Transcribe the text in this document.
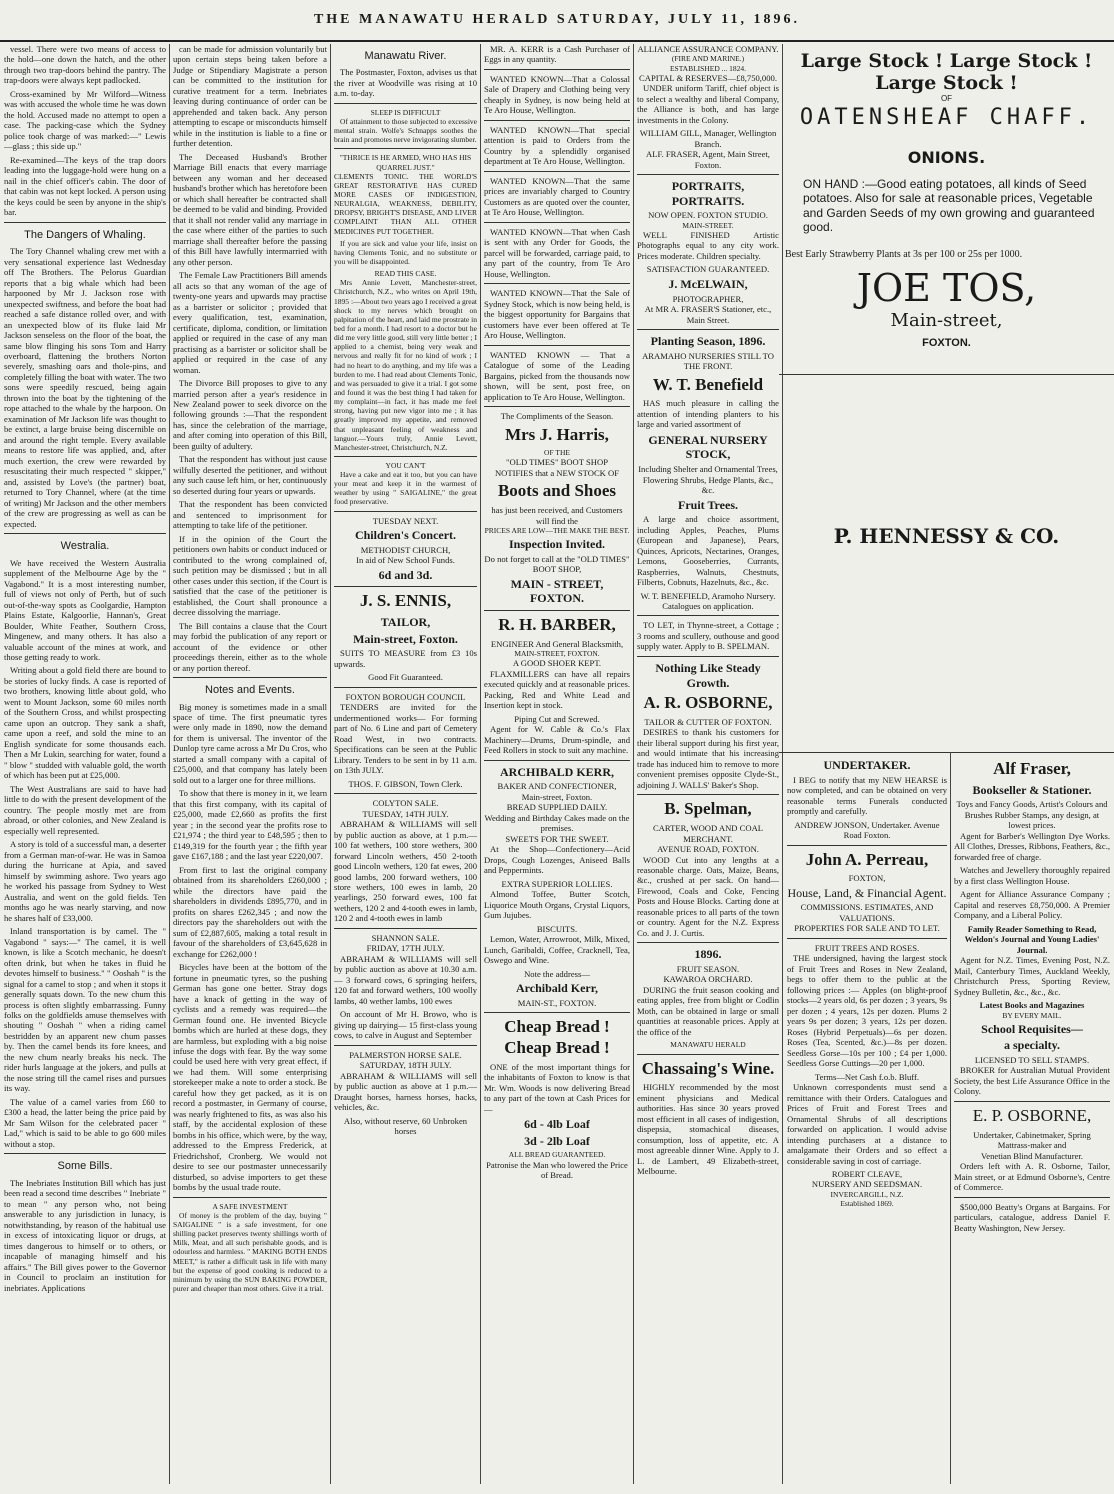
THE MANAWATU HERALD SATURDAY, JULY 11, 1896.

vessel. There were two means of access to the hold—one down the hatch, and the other through two trap-doors behind the pantry. The trap-doors were always kept padlocked.

Cross-examined by Mr Wilford—Witness was with accused the whole time he was down the hold. Accused made no attempt to open a case. The packing-case which the Sydney police took charge of was marked:—" Lewis—glass ; this side up."

Re-examined—The keys of the trap doors leading into the luggage-hold were hung on a nail in the chief officer's cabin. The door of that cabin was not kept locked. A person using the keys could be seen by anyone in the ship's bar.

The Dangers of Whaling.

The Tory Channel whaling crew met with a very sensational experience last Wednesday off The Brothers. The Pelorus Guardian reports that a big whale which had been harpooned by Mr J. Jackson rose with unexpected swiftness, and before the boat had reached a safe distance rolled over, and with an unexpected blow of its fluke laid Mr Jackson senseless on the floor of the boat, the same blow flinging his sons Tom and Harry overboard, flattening the brothers Norton severely, smashing oars and thole-pins, and completely filling the boat with water. The two sons were speedily rescued, being again thrown into the boat by the tightening of the rope attached to the whale by the harpoon. On examination of Mr Jackson life was thought to be extinct, a large bruise being discernible on and around the right temple. Every available means to restore life was applied, and, after much exertion, the crew were rewarded by resuscitating their much respected " skipper," and, assisted by Love's (the partner) boat, returned to Tory Channel, where (at the time of writing) Mr Jackson and the other members of the crew are progressing as well as can be expected.

Westralia.

We have received the Western Australia supplement of the Melbourne Age by the " Vagabond." It is a most interesting number, full of views not only of Perth, but of such out-of-the-way spots as Coolgardie, Hampton Plains Estate, Kalgoorlie, Hannan's, Great Boulder, White Feather, Southern Cross, Mingenew, and many others. It has also a valuable account of the mines at work, and those getting ready to work.

Writing about a gold field there are bound to be stories of lucky finds. A case is reported of two brothers, knowing little about gold, who went to Mount Jackson, some 60 miles north of the Southern Cross, and whilst prospecting came upon an outcrop. They sank a shaft, came upon a reef, and sold the mine to an English syndicate for some thousands each. Then a Mr Lukin, searching for water, found a " blow " studded with valuable gold, the worth of which has been put at £25,000.

The West Australians are said to have had little to do with the present development of the country. The people mostly met are from abroad, or other colonies, and New Zealand is especially well represented.

A story is told of a successful man, a deserter from a German man-of-war. He was in Samoa during the hurricane at Apia, and saved himself by swimming ashore. Two years ago he worked his passage from Sydney to West Australia, and went on the gold fields. Ten months ago he was nearly starving, and now he shares half of £33,000.

Inland transportation is by camel. The " Vagabond " says:—" The camel, it is well known, is like a Scotch mechanic, he doesn't often drink, but when he takes in fluid he devotes himself to business." " Ooshah " is the signal for a camel to stop ; and when it stops it generally squats down. To the new chum this process is often slightly embarrassing. Funny folks on the goldfields amuse themselves with shouting " Ooshah " when a riding camel bestridden by an apparent new chum passes by. Then the camel bends its fore knees, and the new chum nearly breaks his neck. The rider hurls language at the jokers, and pulls at the nose string till the camel rises and pursues its way.

The value of a camel varies from £60 to £300 a head, the latter being the price paid by Mr Sam Wilson for the celebrated pacer " Lad," which is said to be able to go 600 miles without a stop.

Some Bills.

The Inebriates Institution Bill which has just been read a second time describes " Inebriate " to mean " any person who, not being answerable to any jurisdiction in lunacy, is notwithstanding, by reason of the habitual use in excess of intoxicating liquor or drugs, at times dangerous to himself or to others, or incapable of managing himself and his affairs." The Bill gives power to the Governor in Council to proclaim an institution for inebriates. Applications

can be made for admission voluntarily but upon certain steps being taken before a Judge or Stipendiary Magistrate a person can be committed to the institution for curative treatment for a term. Inebriates leaving during continuance of order can be apprehended and taken back. Any person attempting to escape or misconducts himself while in the institution is liable to a fine or further detention.

The Deceased Husband's Brother Marriage Bill enacts that every marriage between any woman and her deceased husband's brother which has heretofore been or which shall hereafter be contracted shall be deemed to be valid and binding. Provided that it shall not render valid any marriage in the case where either of the parties to such marriage shall thereafter before the passing of this Bill have lawfully intermarried with any other person.

The Female Law Practitioners Bill amends all acts so that any woman of the age of twenty-one years and upwards may practise as a barrister or solicitor ; provided that every qualification, test, examination, certificate, diploma, condition, or limitation applied or required in the case of any man practising as a barrister or solicitor shall be applied or required in the case of any woman.

The Divorce Bill proposes to give to any married person after a year's residence in New Zealand power to seek divorce on the following grounds :—That the respondent has, since the celebration of the marriage, and after coming into operation of this Bill, been guilty of adultery.

That the respondent has without just cause wilfully deserted the petitioner, and without any such cause left him, or her, continuously so deserted during four years or upwards.

That the respondent has been convicted and sentenced to imprisonment for attempting to take life of the petitioner.

If in the opinion of the Court the petitioners own habits or conduct induced or contributed to the wrong complained of, such petition may be dismissed ; but in all other cases under this section, if the Court is satisfied that the case of the petitioner is established, the Court shall pronounce a decree dissolving the marriage.

The Bill contains a clause that the Court may forbid the publication of any report or account of the evidence or other proceedings therein, either as to the whole or any portion thereof.

Notes and Events.

Big money is sometimes made in a small space of time. The first pneumatic tyres were only made in 1890, now the demand for them is universal. The inventor of the Dunlop tyre came across a Mr Du Cros, who started a small company with a capital of £25,000, and that company has lately been sold out to a larger one for three millions.

To show that there is money in it, we learn that this first company, with its capital of £25,000, made £2,660 as profits the first year ; in the second year the profits rose to £21,974 ; the third year to £48,595 ; then to £149,319 for the fourth year ; the fifth year gave £167,188 ; and the last year £220,007.

From first to last the original company obtained from its shareholders £260,000 ; while the directors have paid the shareholders in dividends £895,770, and in profits on shares £262,345 ; and now the directors pay the shareholders out with the sum of £2,887,605, making a total result in favour of the shareholders of £3,645,628 in exchange for £262,000 !

Bicycles have been at the bottom of the fortune in pneumatic tyres, so the pushing German has gone one better. Stray dogs have a knack of getting in the way of cyclists and a remedy was required—the German found one. He invented Bicycle bombs which are hurled at these dogs, they are harmless, but exploding with a big noise infuse the dogs with fear. By the way some could be used here with very great effect, if we had them. Will some enterprising storekeeper make a note to order a stock. Be careful how they get packed, as it is on record a postmaster, in Germany of course, was nearly frightened to fits, as was also his staff, by the accidental explosion of these bombs in his office, which were, by the way, addressed to the Empress Frederick, at Friedrichshof, Cronberg. We would not desire to see our postmaster unnecessarily disturbed, so advise importers to get these bombs by the usual trade route.

A SAFE INVESTMENT

Of money is the problem of the day, buying " SAIGALINE " is a safe investment, for one shilling packet preserves twenty shillings worth of Milk, Meat, and all such perishable goods, and is odourless and harmless. " MAKING BOTH ENDS MEET," is rather a difficult task in life with many but the expense of good cooking is reduced to a minimum by using the SUN BAKING POWDER, purer and cheaper than most others. Give it a trial.

Manawatu River.

The Postmaster, Foxton, advises us that the river at Woodville was rising at 10 a.m. to-day.

SLEEP IS DIFFICULT

Of attainment to those subjected to excessive mental strain. Wolfe's Schnapps soothes the brain and promotes nerve invigorating slumber.

"THRICE IS HE ARMED, WHO HAS HIS QUARREL JUST."

CLEMENTS TONIC. THE WORLD'S GREAT RESTORATIVE HAS CURED MORE CASES OF INDIGESTION, NEURALGIA, WEAKNESS, DEBILITY, DROPSY, BRIGHT'S DISEASE, AND LIVER COMPLAINT THAN ALL OTHER MEDICINES PUT TOGETHER.

If you are sick and value your life, insist on having Clements Tonic, and no substitute or you will be disappointed.

READ THIS CASE.

Mrs Annie Levett, Manchester-street, Christchurch, N.Z., who writes on April 19th, 1895 :—About two years ago I received a great shock to my nerves which brought on palpitation of the heart, and laid me prostrate in bed for a month. I had resort to a doctor but he did me very little good, still very little better ; I applied to a chemist, being very weak and nervous and really fit for no kind of work ; I had no heart to do anything, and my life was a burden to me. I had read about Clements Tonic, and was persuaded to give it a trial. I got some and found it was the best thing I had taken for my complaint—in fact, it has made me feel strong, having put new vigor into me ; it has greatly improved my appetite, and removed that unpleasant feeling of weakness and languor.—Yours truly, Annie Levett, Manchester-street, Christchurch, N.Z.

YOU CAN'T

Have a cake and eat it too, but you can have your meat and keep it in the warmest of weather by using " SAIGALINE," the great food preservative.

TUESDAY NEXT.
Children's Concert.
METHODIST CHURCH,
In aid of New School Funds.
6d and 3d.
J. S. ENNIS,
TAILOR,
Main-street, Foxton.

SUITS TO MEASURE from £3 10s upwards.

Good Fit Guaranteed.
FOXTON BOROUGH COUNCIL

TENDERS are invited for the undermentioned works— For forming part of No. 6 Line and part of Cemetery Road West, in two contracts. Specifications can be seen at the Public Library. Tenders to be sent in by 11 a.m. on 13th JULY.

THOS. F. GIBSON, Town Clerk.
COLYTON SALE.
TUESDAY, 14TH JULY.

ABRAHAM & WILLIAMS will sell by public auction as above, at 1 p.m.— 100 fat wethers, 100 store wethers, 300 forward Lincoln wethers, 450 2-tooth good Lincoln wethers, 120 fat ewes, 200 good lambs, 200 forward wethers, 100 store wethers, 100 ewes in lamb, 20 yearlings, 250 forward ewes, 100 fat wethers, 120 2 and 4-tooth ewes in lamb, 120 2 and 4-tooth ewes in lamb

SHANNON SALE.
FRIDAY, 17TH JULY.

ABRAHAM & WILLIAMS will sell by public auction as above at 10.30 a.m.— 3 forward cows, 6 springing heifers, 120 fat and forward wethers, 100 woolly lambs, 40 wether lambs, 100 ewes

On account of Mr H. Browo, who is giving up dairying— 15 first-class young cows, to calve in August and September

PALMERSTON HORSE SALE.
SATURDAY, 18TH JULY.

ABRAHAM & WILLIAMS will sell by public auction as above at 1 p.m.— Draught horses, harness horses, hacks, vehicles, &c.

Also, without reserve, 60 Unbroken horses

MR. A. KERR is a Cash Purchaser of Eggs in any quantity.

WANTED KNOWN—That a Colossal Sale of Drapery and Clothing being very cheaply in Sydney, is now being held at Te Aro House, Wellington.

WANTED KNOWN—That special attention is paid to Orders from the Country by a splendidly organised department at Te Aro House, Wellington.

WANTED KNOWN—That the same prices are invariably charged to Country Customers as are quoted over the counter, at Te Aro House, Wellington.

WANTED KNOWN—That when Cash is sent with any Order for Goods, the parcel will be forwarded, carriage paid, to any part of the country, from Te Aro House, Wellington.

WANTED KNOWN—That the Sale of Sydney Stock, which is now being held, is the biggest opportunity for Bargains that customers have ever been offered at Te Aro House, Wellington.

WANTED KNOWN — That a Catalogue of some of the Leading Bargains, picked from the thousands now shown, will be sent, post free, on application to Te Aro House, Wellington.

The Compliments of the Season.
Mrs J. Harris,
OF THE
"OLD TIMES" BOOT SHOP
NOTIFIES that a NEW STOCK OF
Boots and Shoes
has just been received, and Customers will find the
PRICES ARE LOW—THE MAKE THE BEST.
Inspection Invited.
Do not forget to call at the "OLD TIMES" BOOT SHOP,
MAIN - STREET, FOXTON.
R. H. BARBER,
ENGINEER And General Blacksmith,
MAIN-STREET, FOXTON.
A GOOD SHOER KEPT.

FLAXMILLERS can have all repairs executed quickly and at reasonable prices. Packing, Red and White Lead and Insertion kept in stock.

Piping Cut and Screwed.

Agent for W. Cable & Co.'s Flax Machinery—Drums, Drum-spindle, and Feed Rollers in stock to suit any machine.

ARCHIBALD KERR,
BAKER AND CONFECTIONER,
Main-street, Foxton.
BREAD SUPPLIED DAILY.
Wedding and Birthday Cakes made on the premises.
SWEETS FOR THE SWEET.

At the Shop—Confectionery—Acid Drops, Cough Lozenges, Aniseed Balls and Peppermints.

EXTRA SUPERIOR LOLLIES.

Almond Toffee, Butter Scotch, Liquorice Mouth Organs, Crystal Liquors, Gum Jujubes.

BISCUITS.

Lemon, Water, Arrowroot, Milk, Mixed, Lunch, Garibaldi, Coffee, Cracknell, Tea, Oswego and Wine.

Note the address—
Archibald Kerr,
MAIN-ST., FOXTON.
Cheap Bread ! Cheap Bread !

ONE of the most important things for the inhabitants of Foxton to know is that Mr. Wm. Woods is now delivering Bread to any part of the town at Cash Prices for—

6d - 4lb Loaf
3d - 2lb Loaf
ALL BREAD GUARANTEED.
Patronise the Man who lowered the Price of Bread.
ALLIANCE ASSURANCE COMPANY.
(FIRE AND MARINE.)
ESTABLISHED ... 1824.
CAPITAL & RESERVES—£8,750,000.

UNDER uniform Tariff, chief object is to select a wealthy and liberal Company, the Alliance is both, and has large investments in the Colony.

WILLIAM GILL, Manager, Wellington Branch.
ALF. FRASER, Agent, Main Street, Foxton.
PORTRAITS, PORTRAITS.
NOW OPEN. FOXTON STUDIO.
MAIN-STREET.

WELL FINISHED Artistic Photographs equal to any city work. Prices moderate. Children specialty.

SATISFACTION GUARANTEED.
J. McELWAIN,
PHOTOGRAPHER,
At MR A. FRASER'S Stationer, etc., Main Street.
Planting Season, 1896.
ARAMAHO NURSERIES STILL TO THE FRONT.
W. T. Benefield

HAS much pleasure in calling the attention of intending planters to his large and varied assortment of

GENERAL NURSERY STOCK,
Including Shelter and Ornamental Trees, Flowering Shrubs, Hedge Plants, &c., &c.
Fruit Trees.

A large and choice assortment, including Apples, Peaches, Plums (European and Japanese), Pears, Quinces, Apricots, Nectarines, Oranges, Lemons, Gooseberries, Currants, Raspberries, Walnuts, Chestnuts, Filberts, Cobnuts, Hazelnuts, &c., &c.

W. T. BENEFIELD, Aramoho Nursery.
Catalogues on application.

TO LET, in Thynne-street, a Cottage ; 3 rooms and scullery, outhouse and good supply water. Apply to B. SPELMAN.

Nothing Like Steady Growth.
A. R. OSBORNE,
TAILOR & CUTTER OF FOXTON.

DESIRES to thank his customers for their liberal support during his first year, and would intimate that his increasing trade has induced him to remove to more convenient premises opposite Clyde-St., adjoining J. WALLS' Baker's Shop.

B. Spelman,
CARTER, WOOD AND COAL MERCHANT.
AVENUE ROAD, FOXTON.

WOOD Cut into any lengths at a reasonable charge. Oats, Maize, Beans, &c., crushed at per sack. On hand—Firewood, Coals and Coke, Fencing Posts and House Blocks. Carting done at reasonable prices to all parts of the town or country. Agent for the N.Z. Express Co. and J. J. Curtis.

1896.
FRUIT SEASON.
KAWAROA ORCHARD.

DURING the fruit season cooking and eating apples, free from blight or Codlin Moth, can be obtained in large or small quantities at reasonable prices. Apply at the office of the

MANAWATU HERALD
Chassaing's Wine.

HIGHLY recommended by the most eminent physicians and Medical authorities. Has since 30 years proved most efficient in all cases of indigestion, dispepsia, stomachical diseases, consumption, loss of appetite, etc. A most agreeable dinner Wine. Apply to J. L. de Lambert, 49 Elizabeth-street, Melbourne.

Large Stock ! Large Stock !
Large Stock !
OF
OATENSHEAF CHAFF.
ONIONS.
ON HAND :—Good eating potatoes, all kinds of Seed potatoes. Also for sale at reasonable prices, Vegetable and Garden Seeds of my own growing and guaranteed good.
Best Early Strawberry Plants at 3s per 100 or 25s per 1000.
JOE TOS,
Main-street,
FOXTON.
P. HENNESSY & CO.
UNDERTAKER.

I BEG to notify that my NEW HEARSE is now completed, and can be obtained on very reasonable terms Funerals conducted promptly and carefully.

ANDREW JONSON, Undertaker. Avenue Road Foxton.
John A. Perreau,
FOXTON,
House, Land, & Financial Agent.
COMMISSIONS. ESTIMATES, AND VALUATIONS.
PROPERTIES FOR SALE AND TO LET.
FRUIT TREES AND ROSES.

THE undersigned, having the largest stock of Fruit Trees and Roses in New Zealand, begs to offer them to the public at the following prices :— Apples (on blight-proof stocks—2 years old, 6s per dozen ; 3 years, 9s per dozen ; 4 years, 12s per dozen. Plums 2 years 9s per dozen; 3 years, 12s per dozen. Roses (Hybrid Perpetuals)—6s per dozen. Roses (Tea, Scented, &c.)—8s per dozen. Seedless Gorse—10s per 100 ; £4 per 1,000. Seedless Gorse Cuttings—20 per 1,000.

Terms—Net Cash f.o.b. Bluff.

Unknown correspondents must send a remittance with their Orders. Catalogues and Prices of Fruit and Forest Trees and Ornamental Shrubs of all descriptions forwarded on application. I would advise intending purchasers at a distance to amalgamate their Orders and so effect a considerable saving in cost of carriage.

ROBERT CLEAVE,
NURSERY AND SEEDSMAN.
INVERCARGILL, N.Z.
Established 1869.
Alf Fraser,
Bookseller & Stationer.
Toys and Fancy Goods, Artist's Colours and Brushes Rubber Stamps, any design, at lowest prices.

Agent for Barber's Wellington Dye Works. All Clothes, Dresses, Ribbons, Feathers, &c., forwarded free of charge.

Watches and Jewellery thoroughly repaired by a first class Wellington House.

Agent for Alliance Assurance Company ; Capital and reserves £8,750,000. A Premier Company, and a Liberal Policy.

Family Reader Something to Read, Weldon's Journal and Young Ladies' Journal.

Agent for N.Z. Times, Evening Post, N.Z. Mail, Canterbury Times, Auckland Weekly, Christchurch Press, Sporting Review, Sydney Bulletin, &c., &c., &c.

Latest Books and Magazines
BY EVERY MAIL.
School Requisites—
a specialty.
LICENSED TO SELL STAMPS.

BROKER for Australian Mutual Provident Society, the best Life Assurance Office in the Colony.

E. P. OSBORNE,
Undertaker, Cabinetmaker, Spring
Mattrass-maker and
Venetian Blind Manufacturer.

Orders left with A. R. Osborne, Tailor, Main street, or at Edmund Osborne's, Centre of Commerce.

$500,000 Beatty's Organs at Bargains. For particulars, catalogue, address Daniel F. Beatty Washington, New Jersey.
